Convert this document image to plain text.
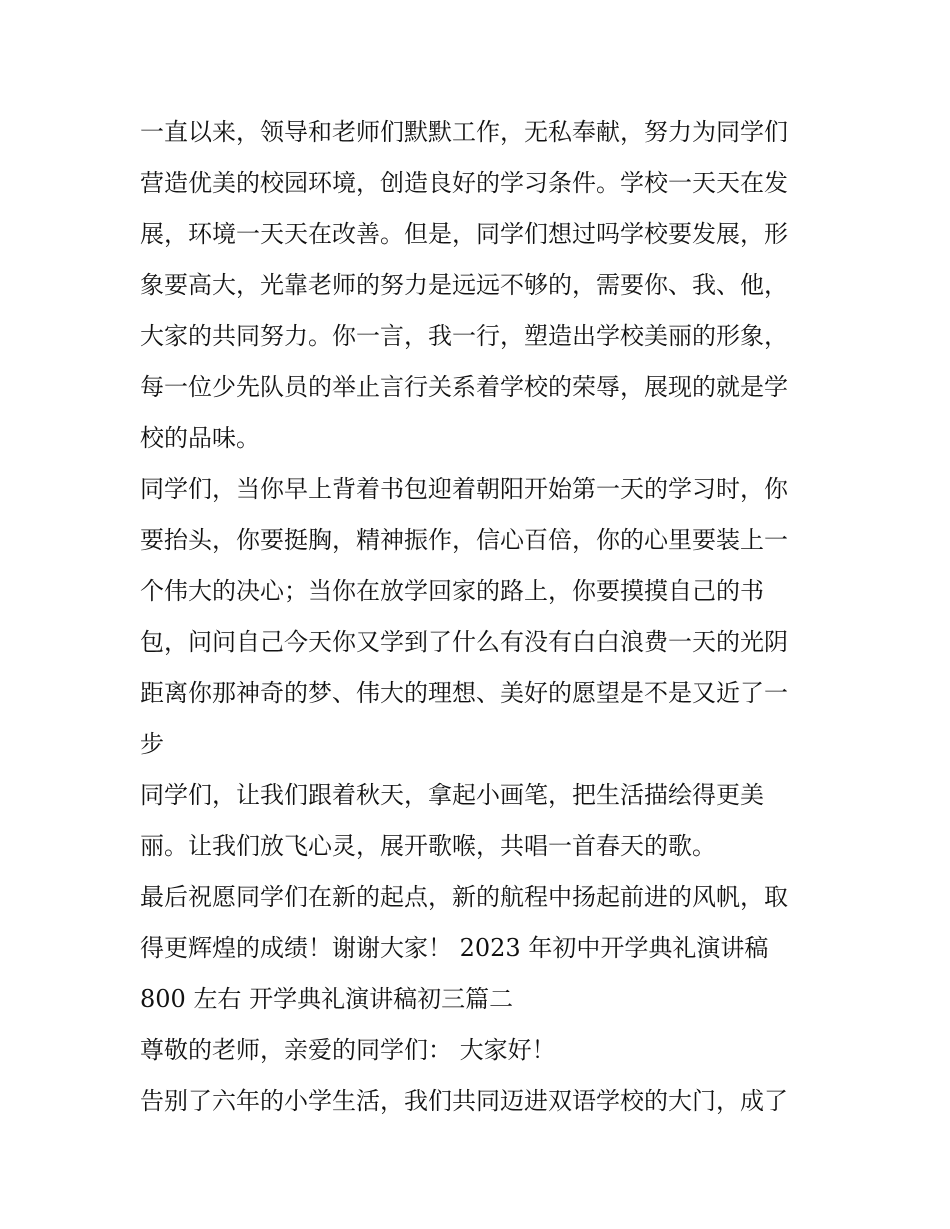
一直以来，领导和老师们默默工作，无私奉献，努力为同学们
营造优美的校园环境，创造良好的学习条件。学校一天天在发
展，环境一天天在改善。但是，同学们想过吗学校要发展，形
象要高大，光靠老师的努力是远远不够的，需要你、我、他，
大家的共同努力。你一言，我一行，塑造出学校美丽的形象，
每一位少先队员的举止言行关系着学校的荣辱，展现的就是学
校的品味。
同学们，当你早上背着书包迎着朝阳开始第一天的学习时，你
要抬头，你要挺胸，精神振作，信心百倍，你的心里要装上一
个伟大的决心；当你在放学回家的路上，你要摸摸自己的书
包，问问自己今天你又学到了什么有没有白白浪费一天的光阴
距离你那神奇的梦、伟大的理想、美好的愿望是不是又近了一
步
同学们，让我们跟着秋天，拿起小画笔，把生活描绘得更美
丽。让我们放飞心灵，展开歌喉，共唱一首春天的歌。
最后祝愿同学们在新的起点，新的航程中扬起前进的风帆，取
得更辉煌的成绩！谢谢大家！ 2023 年初中开学典礼演讲稿
800 左右 开学典礼演讲稿初三篇二
尊敬的老师，亲爱的同学们： 大家好！
告别了六年的小学生活，我们共同迈进双语学校的大门，成了
